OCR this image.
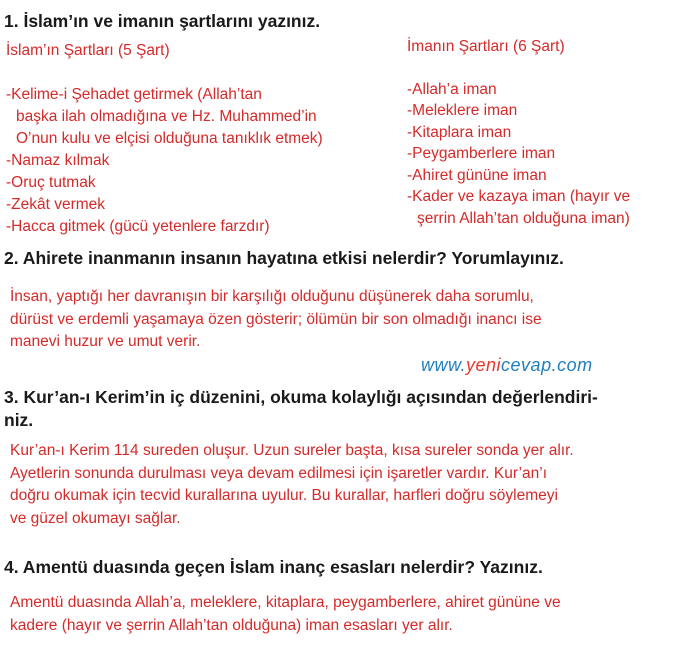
1. İslam’ın ve imanın şartlarını yazınız.
İslam’ın Şartları (5 Şart)
-Kelime-i Şehadet getirmek (Allah’tan
başka ilah olmadığına ve Hz. Muhammed’in
O’nun kulu ve elçisi olduğuna tanıklık etmek)
-Namaz kılmak
-Oruç tutmak
-Zekât vermek
-Hacca gitmek (gücü yetenlere farzdır)
İmanın Şartları (6 Şart)
-Allah’a iman
-Meleklere iman
-Kitaplara iman
-Peygamberlere iman
-Ahiret gününe iman
-Kader ve kazaya iman (hayır ve
şerrin Allah’tan olduğuna iman)
2. Ahirete inanmanın insanın hayatına etkisi nelerdir? Yorumlayınız.
İnsan, yaptığı her davranışın bir karşılığı olduğunu düşünerek daha sorumlu,
dürüst ve erdemli yaşamaya özen gösterir; ölümün bir son olmadığı inancı ise
manevi huzur ve umut verir.
www.yenicevap.com
3. Kur’an-ı Kerim’in iç düzenini, okuma kolaylığı açısından değerlendiri-
niz.
Kur’an-ı Kerim 114 sureden oluşur. Uzun sureler başta, kısa sureler sonda yer alır.
Ayetlerin sonunda durulması veya devam edilmesi için işaretler vardır. Kur’an’ı
doğru okumak için tecvid kurallarına uyulur. Bu kurallar, harfleri doğru söylemeyi
ve güzel okumayı sağlar.
4. Amentü duasında geçen İslam inanç esasları nelerdir? Yazınız.
Amentü duasında Allah’a, meleklere, kitaplara, peygamberlere, ahiret gününe ve
kadere (hayır ve şerrin Allah’tan olduğuna) iman esasları yer alır.
